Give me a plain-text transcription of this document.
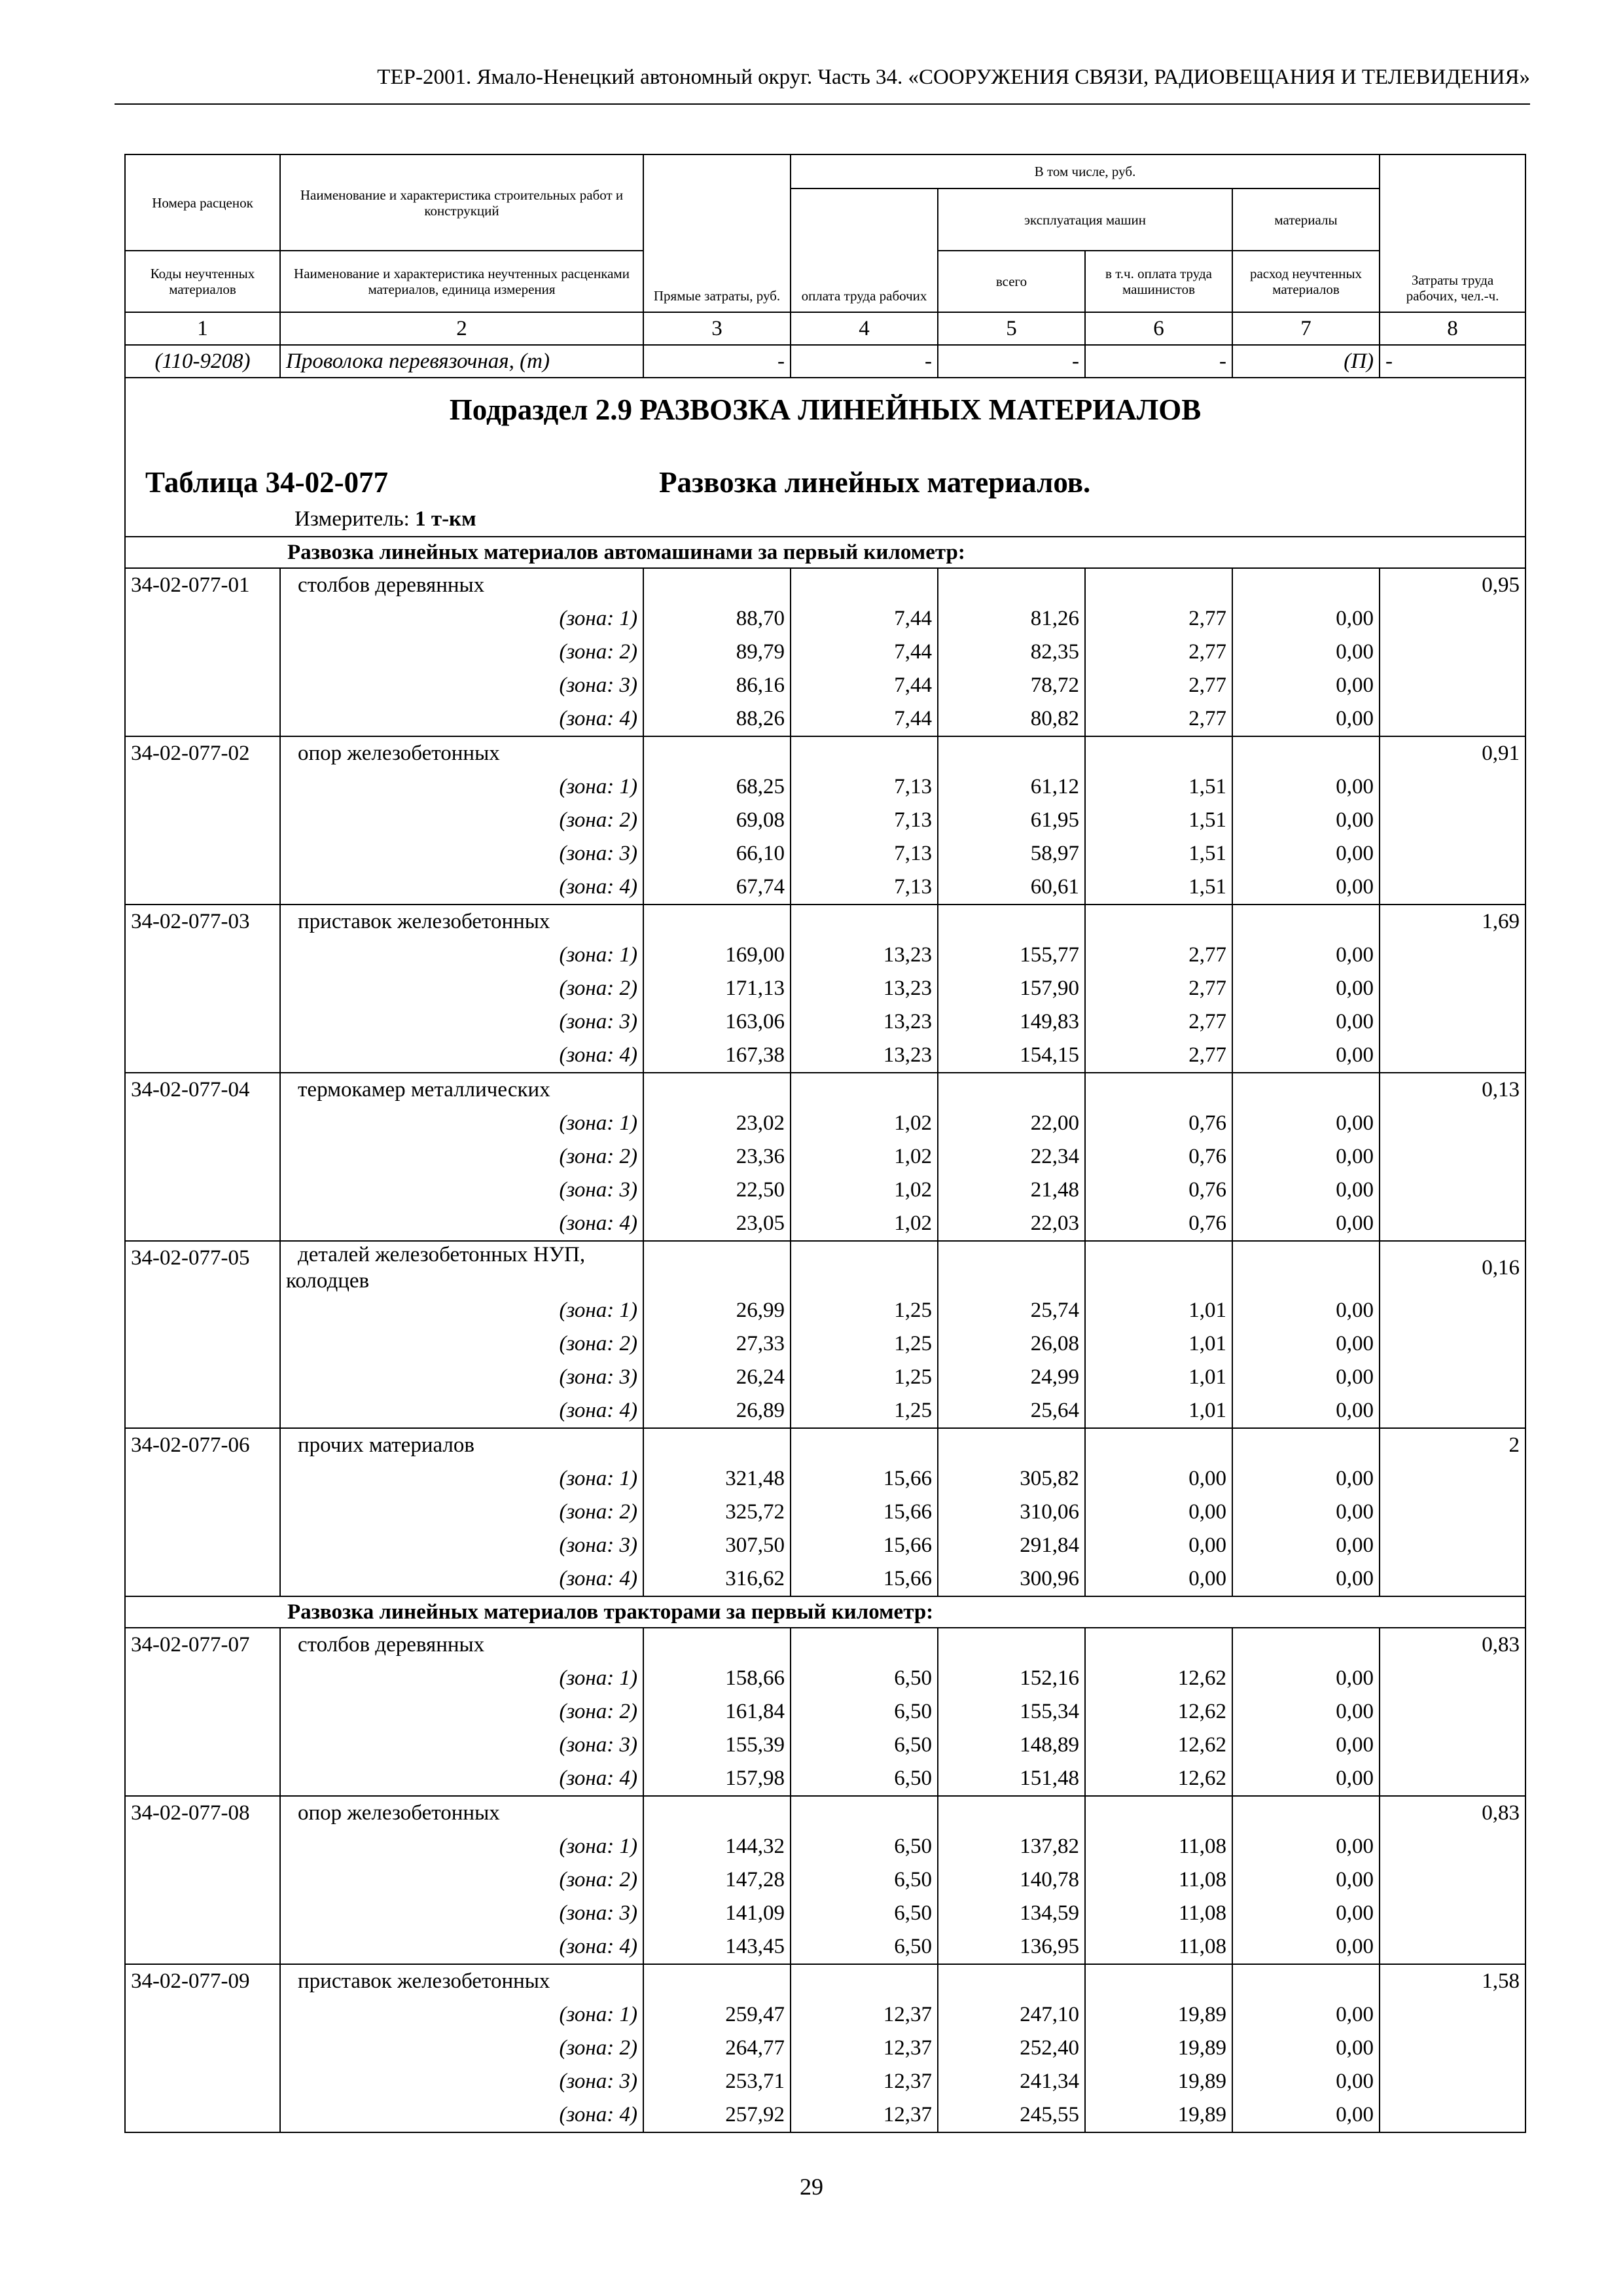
ТЕР-2001. Ямало-Ненецкий автономный округ. Часть 34. «СООРУЖЕНИЯ СВЯЗИ, РАДИОВЕЩАНИЯ И ТЕЛЕВИДЕНИЯ»
Номера расценок	Наименование и характеристика строительных работ и конструкций	Прямые затраты, руб.	В том числе, руб.				Затраты труда рабочих, чел.-ч.
			оплата труда рабочих	эксплуатация машин		материалы	
Коды неучтенных материалов	Наименование и характеристика неучтенных расценками материалов, единица измерения			всего	в т.ч. оплата труда машинистов	расход неучтенных материалов	
1	2	3	4	5	6	7	8
(110-9208)	Проволока перевязочная, (т)	-	-	-	-	(П)	-

Подраздел 2.9 РАЗВОЗКА ЛИНЕЙНЫХ МАТЕРИАЛОВ
Таблица 34-02-077 Развозка линейных материалов.
Измеритель: 1 т-км							

Развозка линейных материалов автомашинами за первый километр:							
34-02-077-01	столбов деревянных						0,95
	(зона: 1)	88,70	7,44	81,26	2,77	0,00	
	(зона: 2)	89,79	7,44	82,35	2,77	0,00	
	(зона: 3)	86,16	7,44	78,72	2,77	0,00	
	(зона: 4)	88,26	7,44	80,82	2,77	0,00	
34-02-077-02	опор железобетонных						0,91
	(зона: 1)	68,25	7,13	61,12	1,51	0,00	
	(зона: 2)	69,08	7,13	61,95	1,51	0,00	
	(зона: 3)	66,10	7,13	58,97	1,51	0,00	
	(зона: 4)	67,74	7,13	60,61	1,51	0,00	
34-02-077-03	приставок железобетонных						1,69
	(зона: 1)	169,00	13,23	155,77	2,77	0,00	
	(зона: 2)	171,13	13,23	157,90	2,77	0,00	
	(зона: 3)	163,06	13,23	149,83	2,77	0,00	
	(зона: 4)	167,38	13,23	154,15	2,77	0,00	
34-02-077-04	термокамер металлических						0,13
	(зона: 1)	23,02	1,02	22,00	0,76	0,00	
	(зона: 2)	23,36	1,02	22,34	0,76	0,00	
	(зона: 3)	22,50	1,02	21,48	0,76	0,00	
	(зона: 4)	23,05	1,02	22,03	0,76	0,00	
34-02-077-05	деталей железобетонных НУП, колодцев						0,16
	(зона: 1)	26,99	1,25	25,74	1,01	0,00	
	(зона: 2)	27,33	1,25	26,08	1,01	0,00	
	(зона: 3)	26,24	1,25	24,99	1,01	0,00	
	(зона: 4)	26,89	1,25	25,64	1,01	0,00	
34-02-077-06	прочих материалов						2
	(зона: 1)	321,48	15,66	305,82	0,00	0,00	
	(зона: 2)	325,72	15,66	310,06	0,00	0,00	
	(зона: 3)	307,50	15,66	291,84	0,00	0,00	
	(зона: 4)	316,62	15,66	300,96	0,00	0,00	
Развозка линейных материалов тракторами за первый километр:							
34-02-077-07	столбов деревянных						0,83
	(зона: 1)	158,66	6,50	152,16	12,62	0,00	
	(зона: 2)	161,84	6,50	155,34	12,62	0,00	
	(зона: 3)	155,39	6,50	148,89	12,62	0,00	
	(зона: 4)	157,98	6,50	151,48	12,62	0,00	
34-02-077-08	опор железобетонных						0,83
	(зона: 1)	144,32	6,50	137,82	11,08	0,00	
	(зона: 2)	147,28	6,50	140,78	11,08	0,00	
	(зона: 3)	141,09	6,50	134,59	11,08	0,00	
	(зона: 4)	143,45	6,50	136,95	11,08	0,00	
34-02-077-09	приставок железобетонных						1,58
	(зона: 1)	259,47	12,37	247,10	19,89	0,00	
	(зона: 2)	264,77	12,37	252,40	19,89	0,00	
	(зона: 3)	253,71	12,37	241,34	19,89	0,00	
	(зона: 4)	257,92	12,37	245,55	19,89	0,00	
29
